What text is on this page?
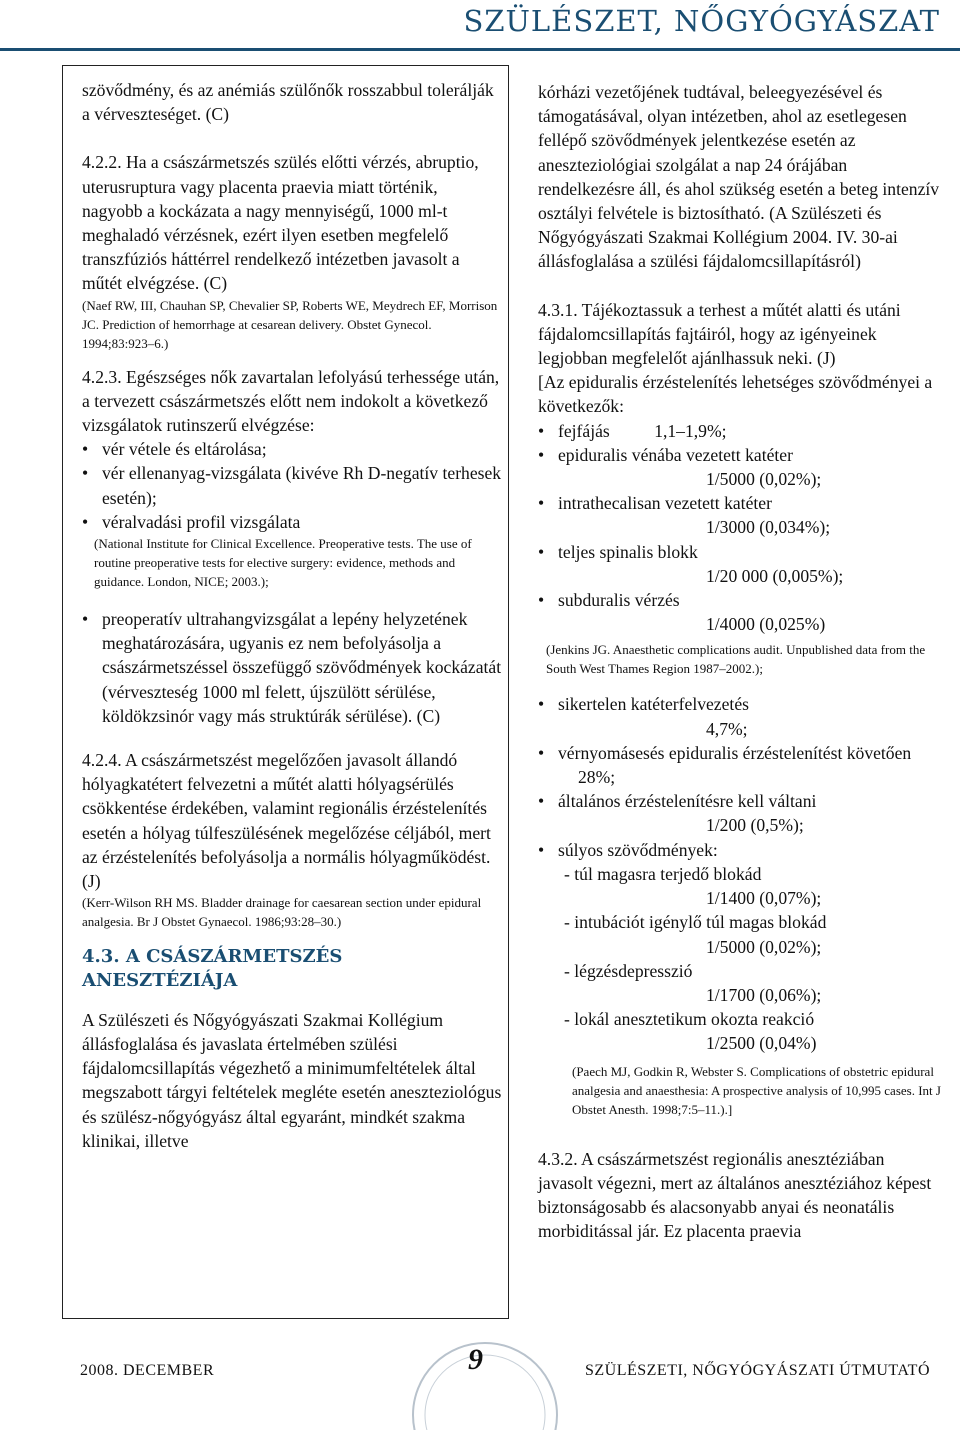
SZÜLÉSZET, NŐGYÓGYÁSZAT

szövődmény, és az anémiás szülőnők rosszabbul tolerálják a vérveszteséget. (C)

4.2.2. Ha a császármetszés szülés előtti vérzés, abruptio, uterusruptura vagy placenta praevia miatt történik, nagyobb a kockázata a nagy mennyiségű, 1000 ml-t meghaladó vérzésnek, ezért ilyen esetben megfelelő transzfúziós háttérrel rendelkező intézetben javasolt a műtét elvégzése. (C)

(Naef RW, III, Chauhan SP, Chevalier SP, Roberts WE, Meydrech EF, Morrison JC. Prediction of hemorrhage at cesarean delivery. Obstet Gynecol. 1994;83:923–6.)

4.2.3. Egészséges nők zavartalan lefolyású terhessége után, a tervezett császármetszés előtt nem indokolt a következő vizsgálatok rutinszerű elvégzése:

• vér vétele és eltárolása;

• vér ellenanyag-vizsgálata (kivéve Rh D-negatív terhesek esetén);

• véralvadási profil vizsgálata

(National Institute for Clinical Excellence. Preoperative tests. The use of routine preoperative tests for elective surgery: evidence, methods and guidance. London, NICE; 2003.);

• preoperatív ultrahangvizsgálat a lepény helyzetének meghatározására, ugyanis ez nem befolyásolja a császármetszéssel összefüggő szövődmények kockázatát (vérveszteség 1000 ml felett, újszülött sérülése, köldökzsinór vagy más struktúrák sérülése). (C)

4.2.4. A császármetszést megelőzően javasolt állandó hólyagkatétert felvezetni a műtét alatti hólyagsérülés csökkentése érdekében, valamint regionális érzéstelenítés esetén a hólyag túlfeszülésének megelőzése céljából, mert az érzéstelenítés befolyásolja a normális hólyagműködést. (J)

(Kerr-Wilson RH MS. Bladder drainage for caesarean section under epidural analgesia. Br J Obstet Gynaecol. 1986;93:28–30.)

4.3. A CSÁSZÁRMETSZÉS ANESZTÉZIÁJA

A Szülészeti és Nőgyógyászati Szakmai Kollégium állásfoglalása és javaslata értelmében szülési fájdalomcsillapítás végezhető a minimumfeltételek által megszabott tárgyi feltételek megléte esetén aneszteziológus és szülész-nőgyógyász által egyaránt, mindkét szakma klinikai, illetve

kórházi vezetőjének tudtával, beleegyezésével és támogatásával, olyan intézetben, ahol az esetlegesen fellépő szövődmények jelentkezése esetén az aneszteziológiai szolgálat a nap 24 órájában rendelkezésre áll, és ahol szükség esetén a beteg intenzív osztályi felvétele is biztosítható. (A Szülészeti és Nőgyógyászati Szakmai Kollégium 2004. IV. 30-ai állásfoglalása a szülési fájdalomcsillapításról)

4.3.1. Tájékoztassuk a terhest a műtét alatti és utáni fájdalomcsillapítás fajtáiról, hogy az igényeinek legjobban megfelelőt ajánlhassuk neki. (J)

[Az epiduralis érzéstelenítés lehetséges szövődményei a következők:

• fejfájás	1,1–1,9%;
• epiduralis vénába vezetett katéter
1/5000 (0,02%);
• intrathecalisan vezetett katéter
1/3000 (0,034%);
• teljes spinalis blokk
1/20 000 (0,005%);
• subduralis vérzés
1/4000 (0,025%)

(Jenkins JG. Anaesthetic complications audit. Unpublished data from the South West Thames Region 1987–2002.);

• sikertelen katéterfelvezetés
4,7%;
• vérnyomásesés epiduralis érzéstelenítést követően 28%;
• általános érzéstelenítésre kell váltani
1/200 (0,5%);
• súlyos szövődmények:
- túl magasra terjedő blokád
1/1400 (0,07%);
- intubációt igénylő túl magas blokád
1/5000 (0,02%);
- légzésdepresszió
1/1700 (0,06%);
- lokál anesztetikum okozta reakció
1/2500 (0,04%)

(Paech MJ, Godkin R, Webster S. Complications of obstetric epidural analgesia and anaesthesia: A prospective analysis of 10,995 cases. Int J Obstet Anesth. 1998;7:5–11.).]

4.3.2. A császármetszést regionális anesztéziában javasolt végezni, mert az általános anesztéziához képest biztonságosabb és alacsonyabb anyai és neonatális morbiditással jár. Ez placenta praevia

2008. DECEMBER	9	SZÜLÉSZETI, NŐGYÓGYÁSZATI ÚTMUTATÓ
